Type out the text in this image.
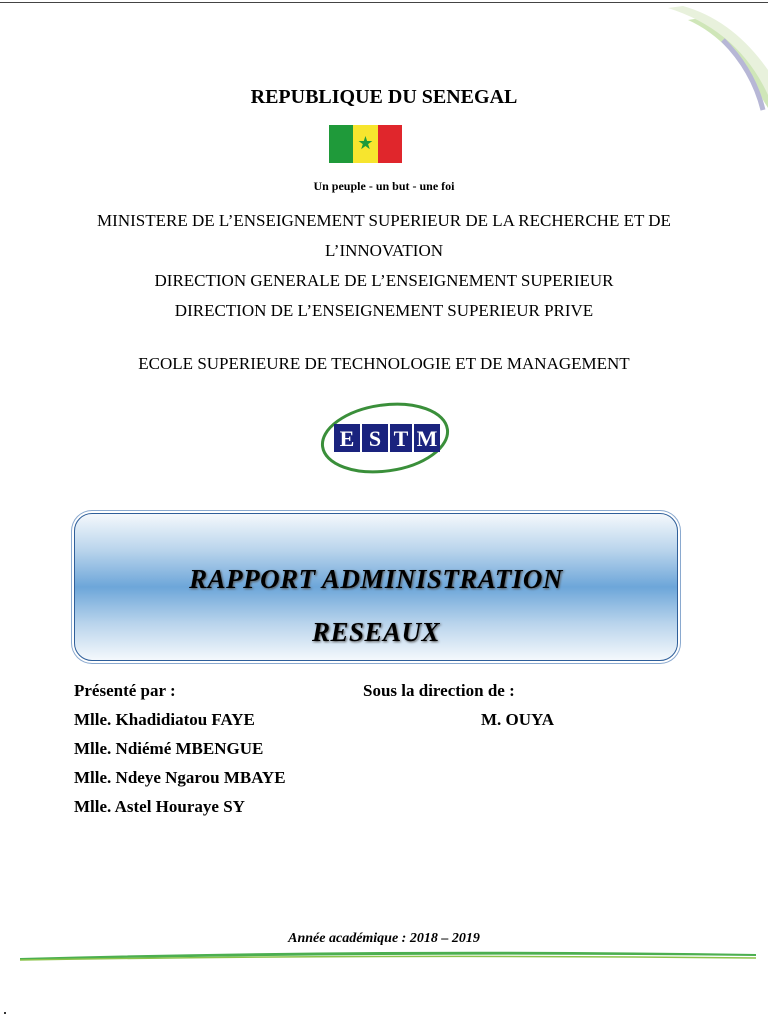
REPUBLIQUE DU SENEGAL
★
Un peuple - un but - une foi
MINISTERE DE L’ENSEIGNEMENT SUPERIEUR DE LA RECHERCHE ET DE
L’INNOVATION
DIRECTION GENERALE DE L’ENSEIGNEMENT SUPERIEUR
DIRECTION DE L’ENSEIGNEMENT SUPERIEUR PRIVE
ECOLE SUPERIEURE DE TECHNOLOGIE ET DE MANAGEMENT
E S T M
RAPPORT ADMINISTRATION
RESEAUX
Présenté par :
Mlle. Khadidiatou FAYE
Mlle. Ndiémé MBENGUE
Mlle. Ndeye Ngarou MBAYE
Mlle. Astel Houraye SY
Sous la direction de :
M. OUYA
Année académique : 2018 – 2019
